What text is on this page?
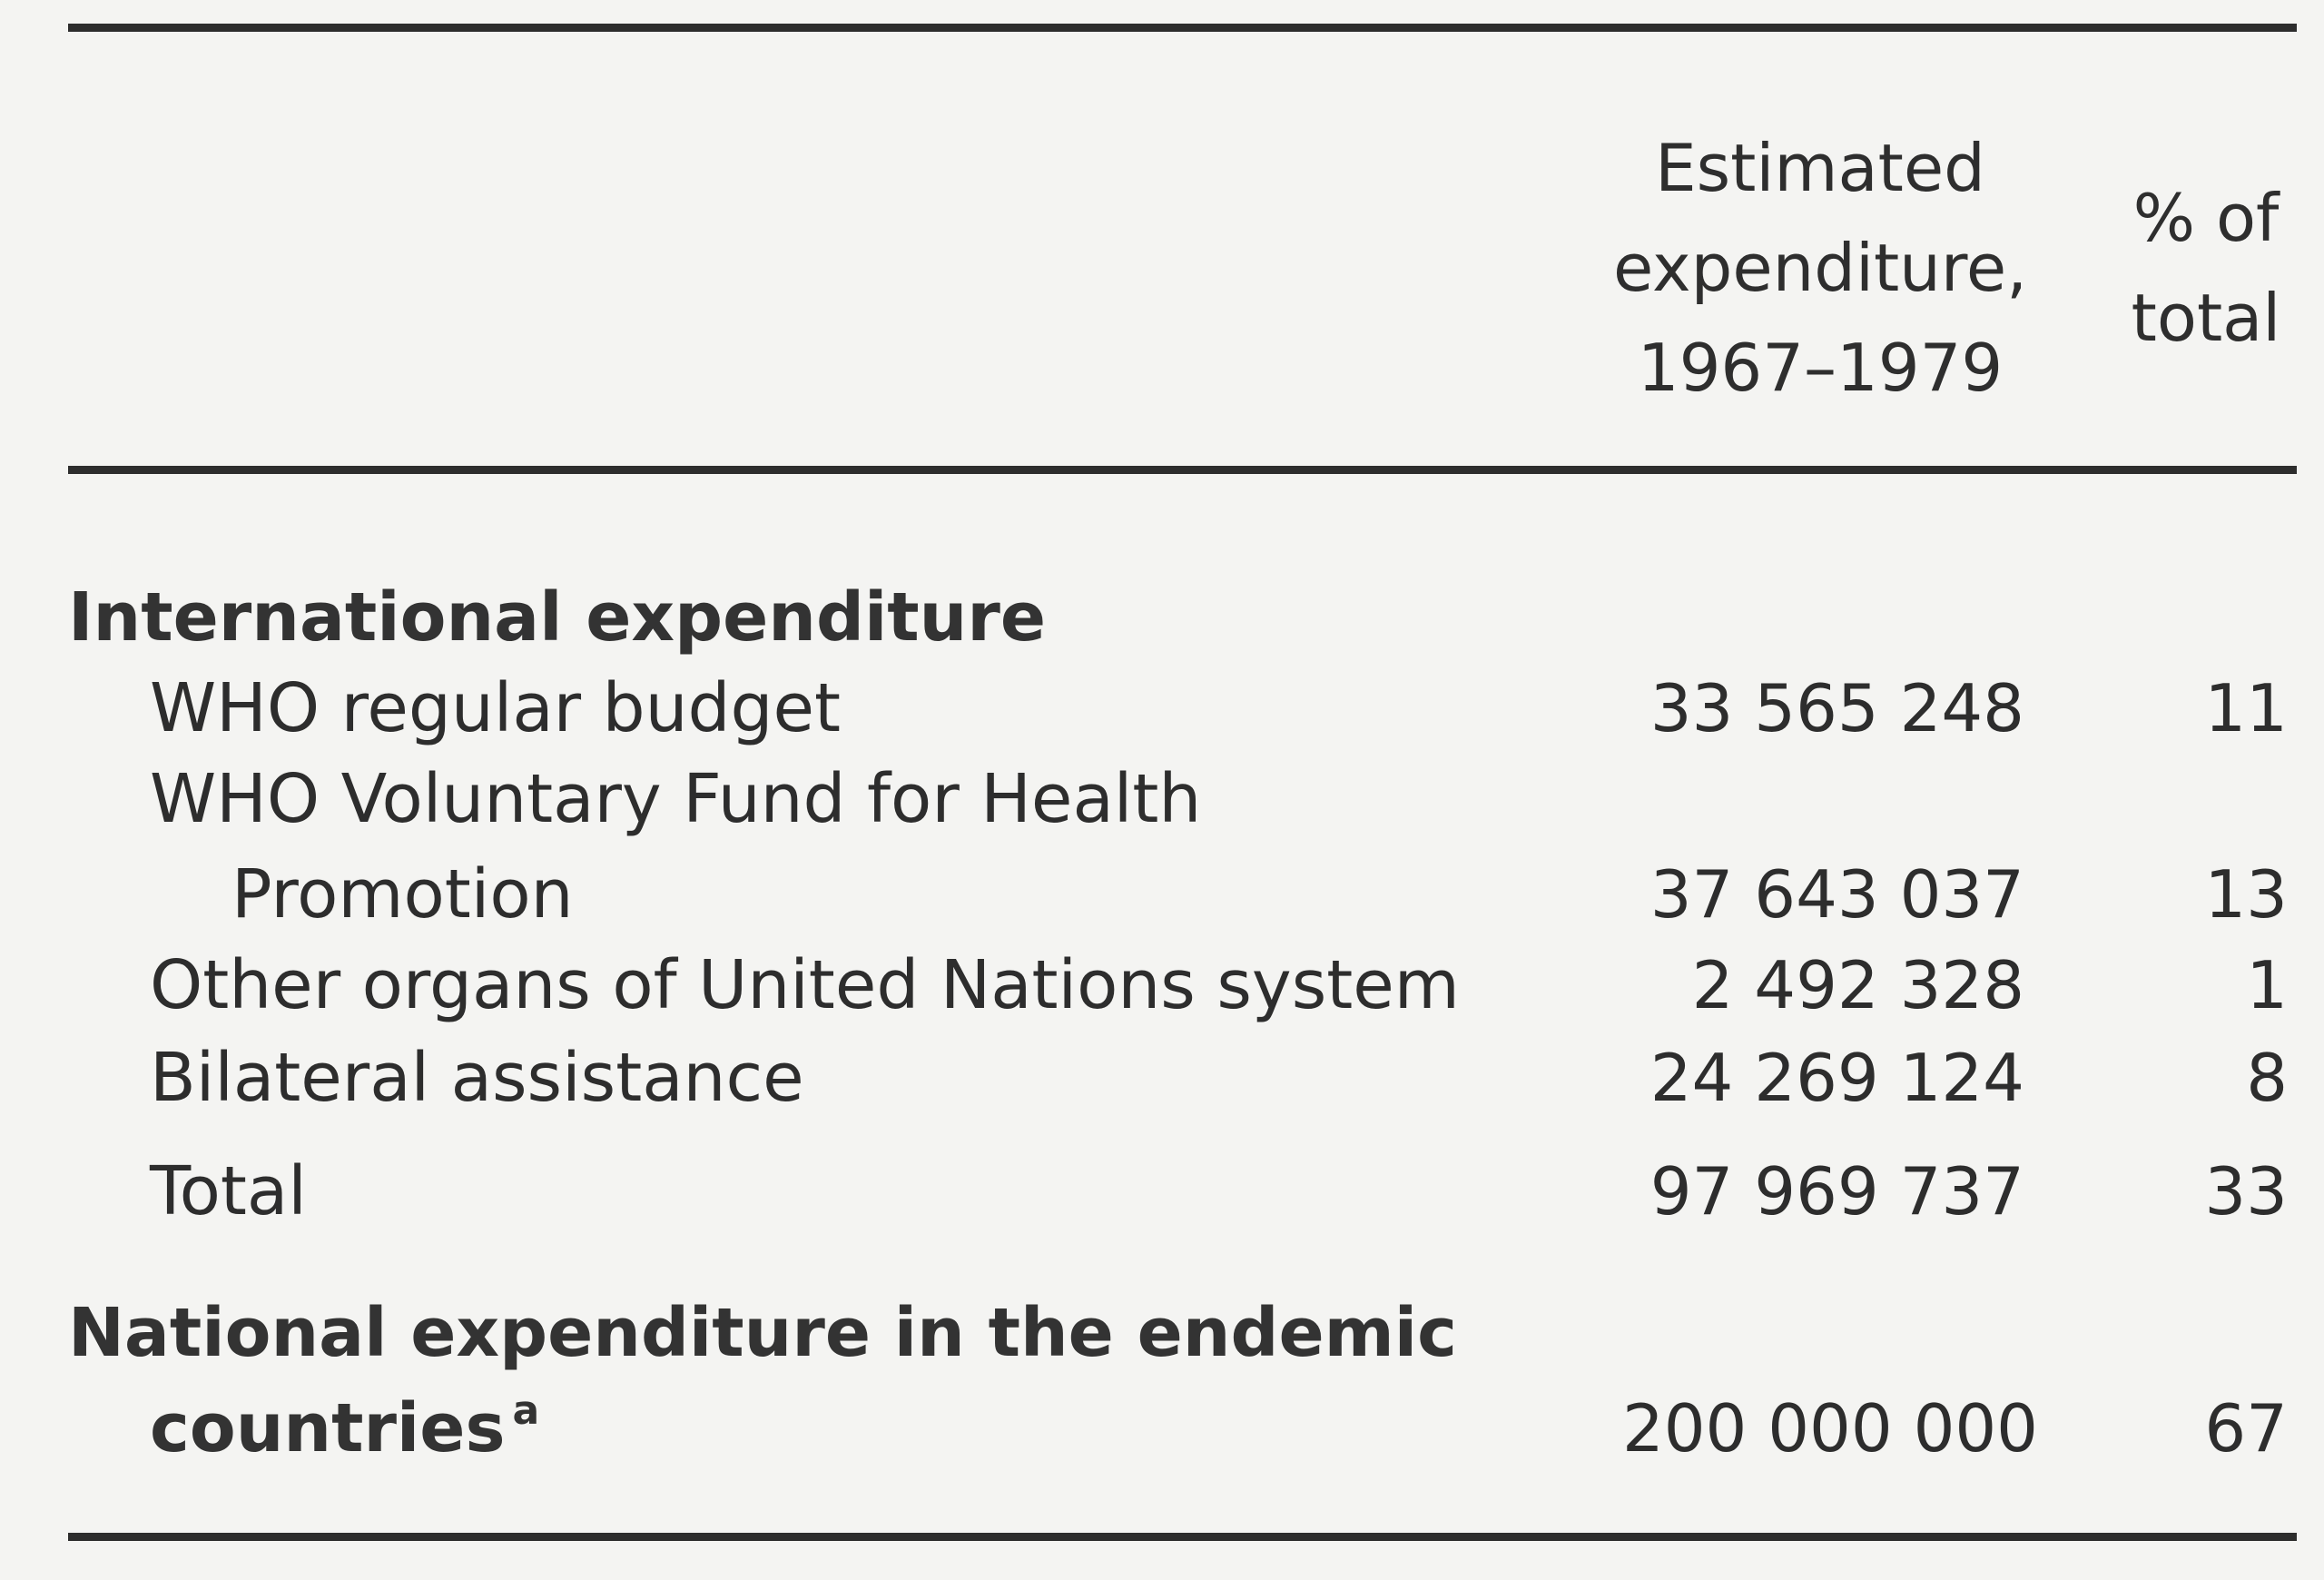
Estimated
expenditure,
1967–1979
% of
total
International expenditure
WHO regular budget	33 565 248	11
WHO Voluntary Fund for Health
Promotion	37 643 037	13
Other organs of United Nations system	2 492 328	1
Bilateral assistance	24 269 124	8
Total	97 969 737	33
National expenditure in the endemic
countries $^a$	200 000 000	67
